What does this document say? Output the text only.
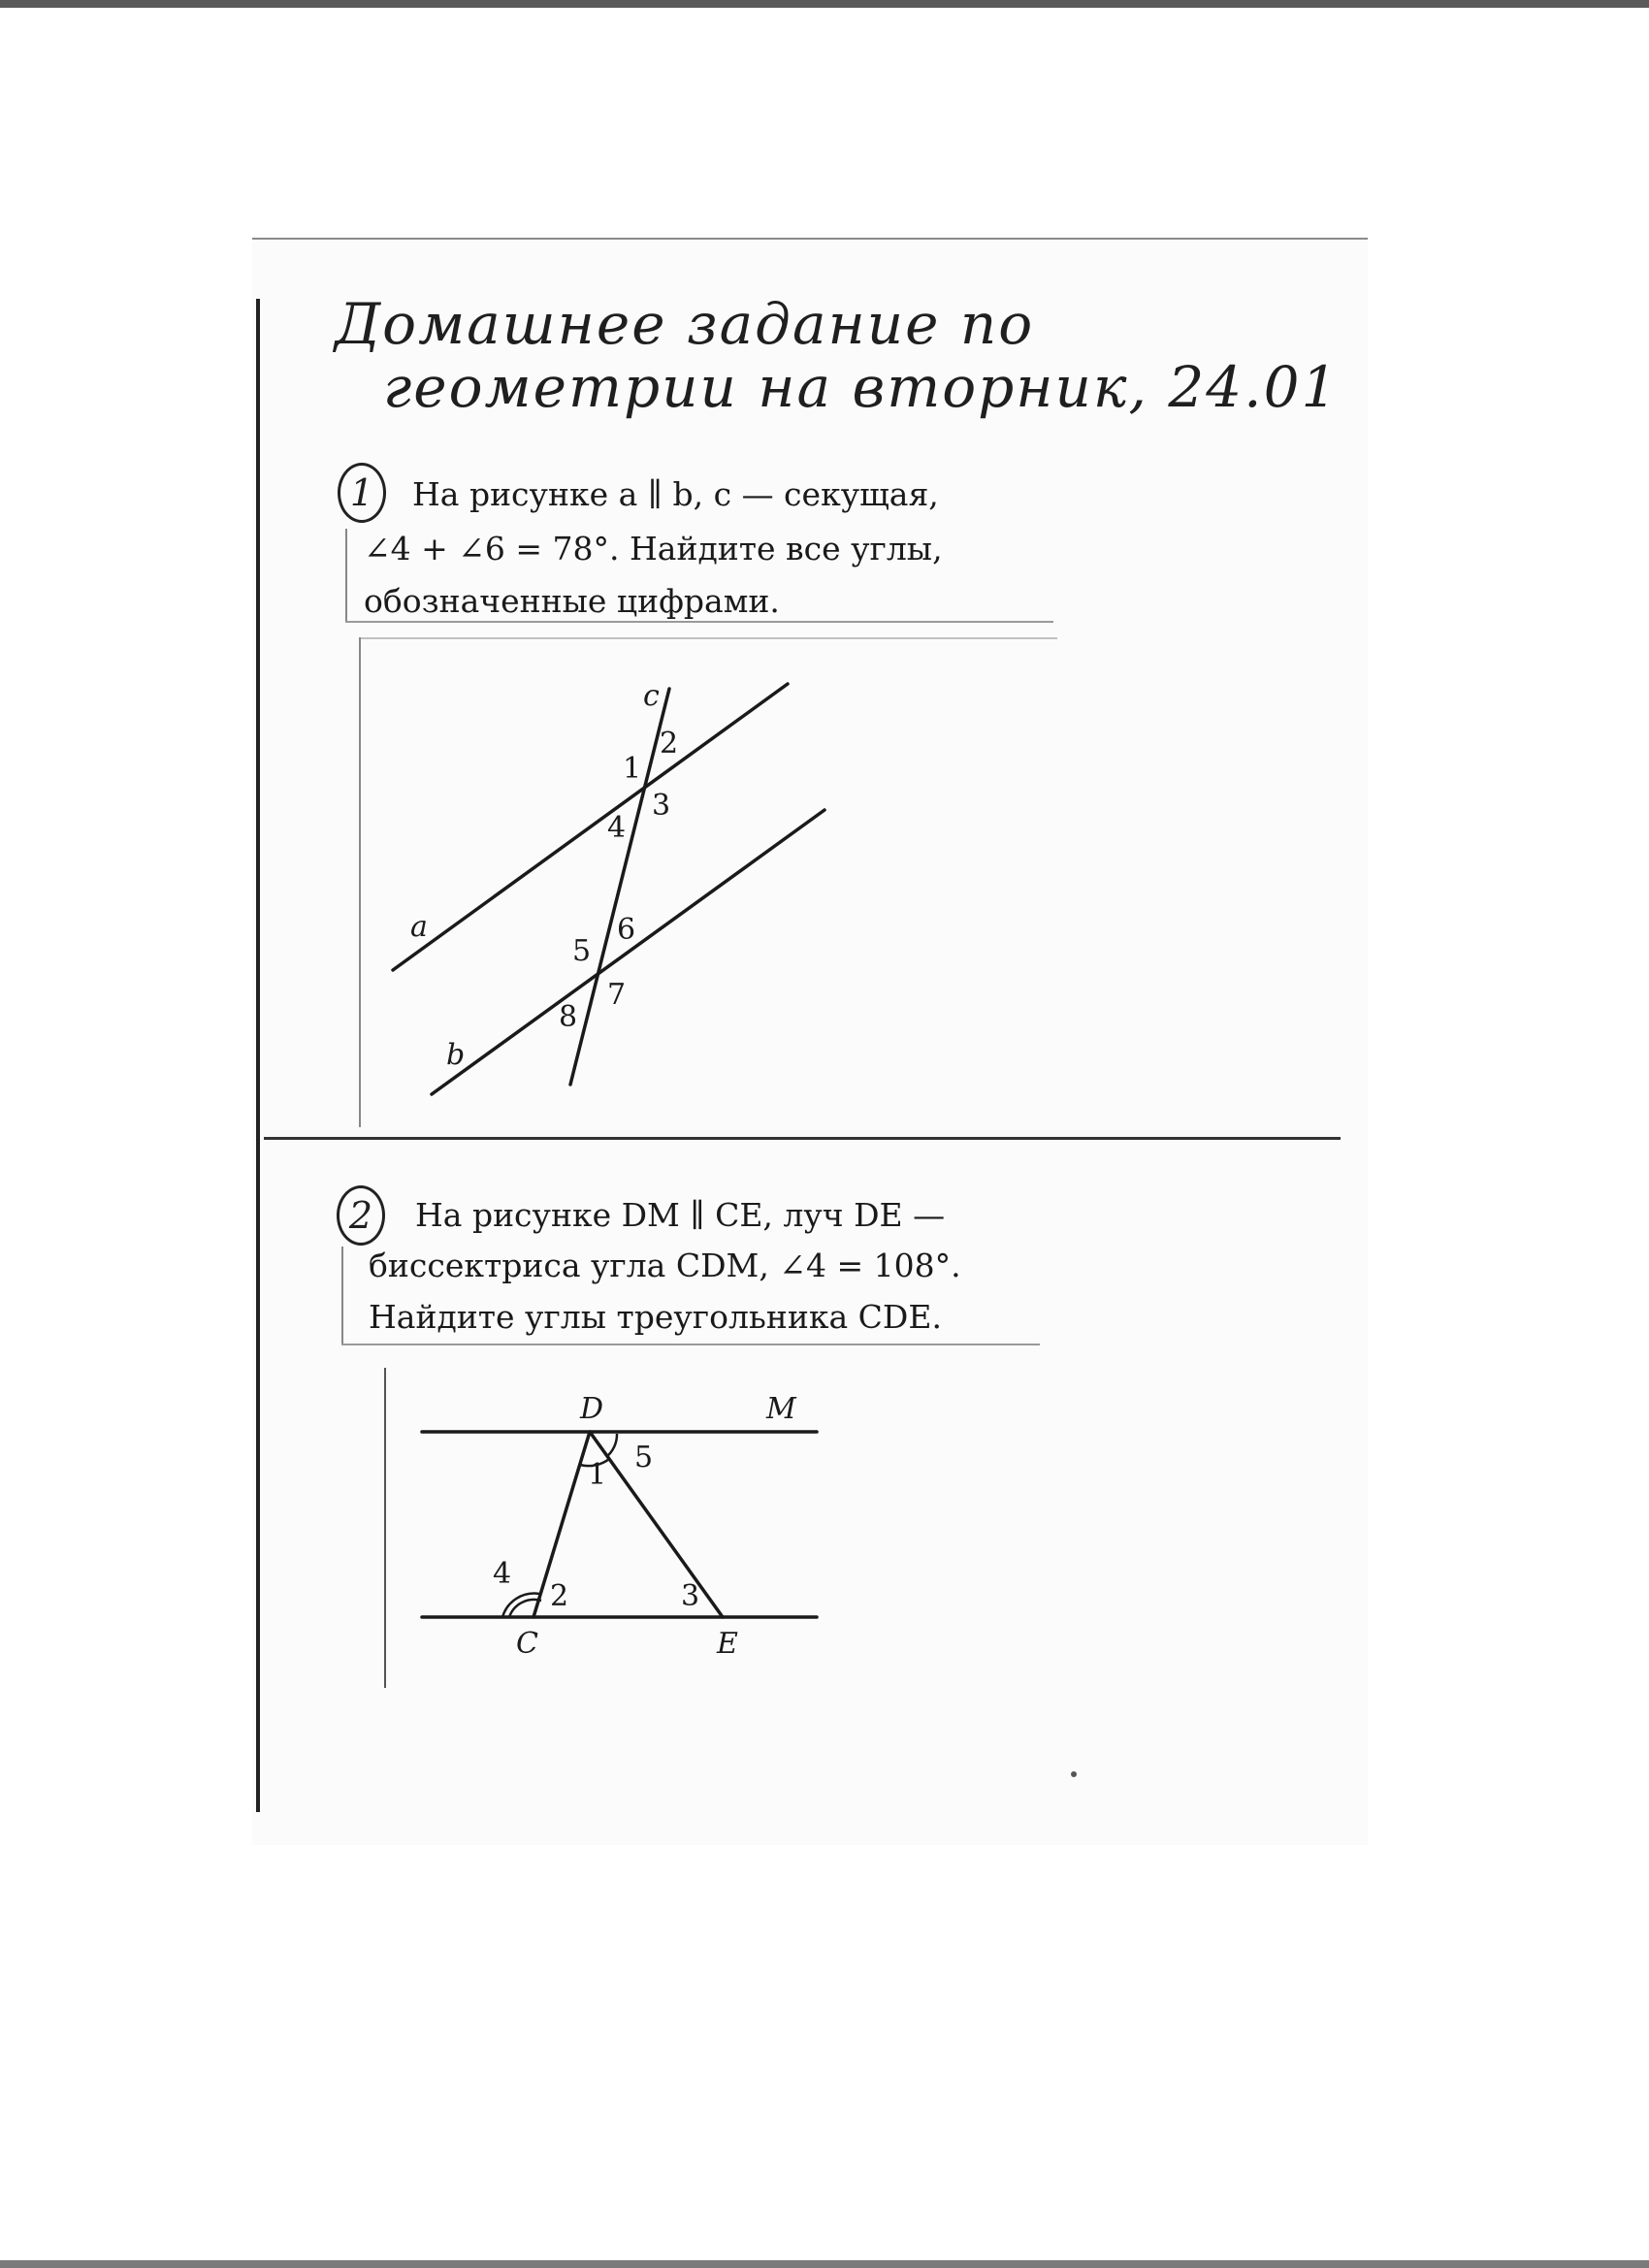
Домашнее задание по
геометрии на вторник, 24.01
1	На рисунке a ∥ b, c — секущая,
∠4 + ∠6 = 78°. Найдите все углы,
обозначенные цифрами.
c
a
b
2
1
3
4
6
5
7
8
2	На рисунке DM ∥ CE, луч DE —
биссектриса угла CDM, ∠4 = 108°.
Найдите углы треугольника CDE.
D	M
C	E
1
5
4
2	3
